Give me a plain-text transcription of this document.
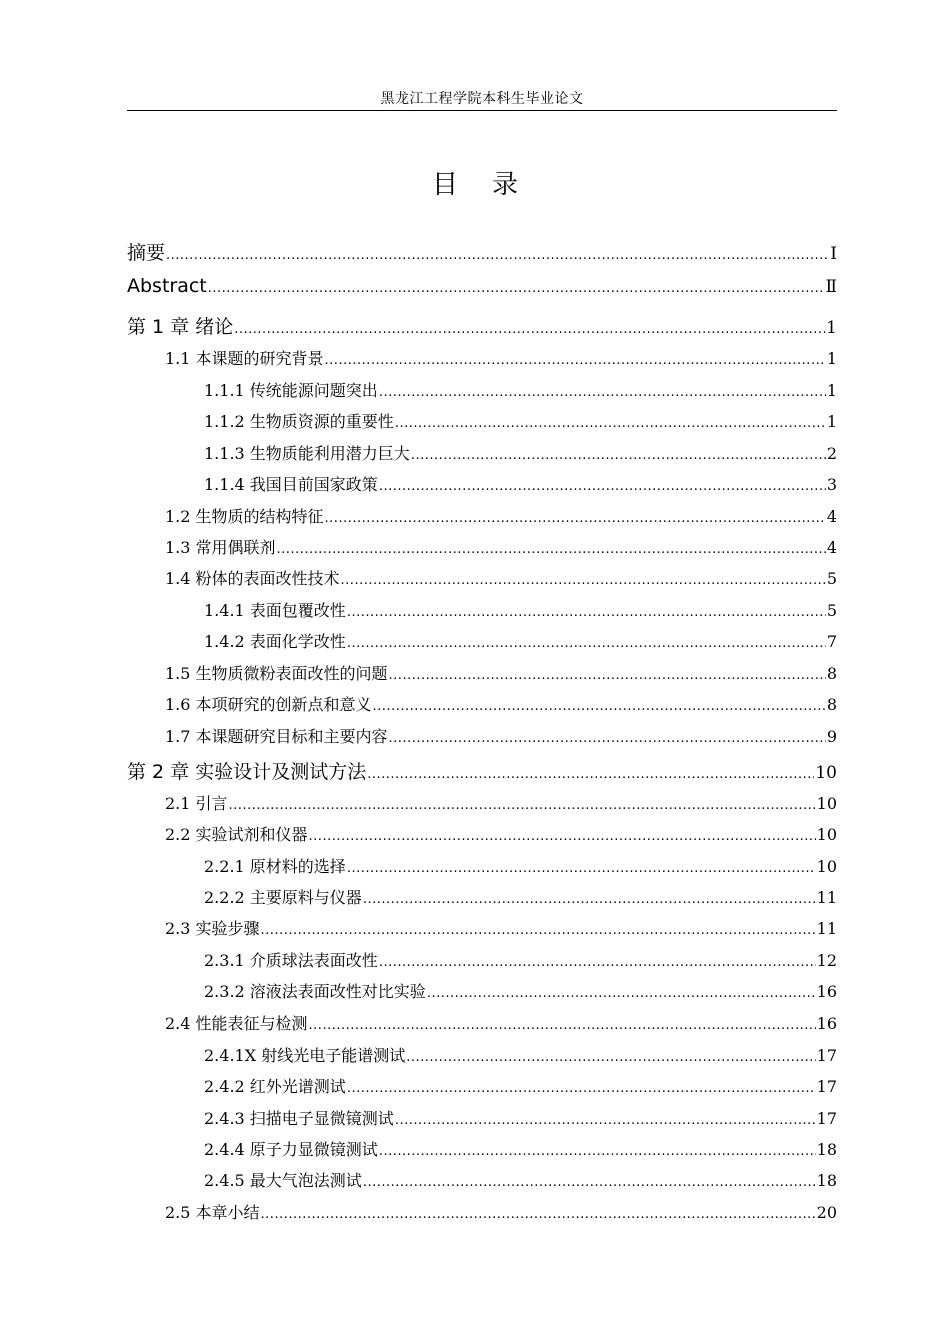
黑龙江工程学院本科生毕业论文
目 录
摘要 .....	Ⅰ
Abstract .....	Ⅱ
第 1 章 绪论 .....	1
1.1 本课题的研究背景 .....	1
1.1.1 传统能源问题突出 .....	1
1.1.2 生物质资源的重要性 .....	1
1.1.3 生物质能利用潜力巨大 .....	2
1.1.4 我国目前国家政策 .....	3
1.2 生物质的结构特征 .....	4
1.3 常用偶联剂 .....	4
1.4 粉体的表面改性技术 .....	5
1.4.1 表面包覆改性 .....	5
1.4.2 表面化学改性 .....	7
1.5 生物质微粉表面改性的问题 .....	8
1.6 本项研究的创新点和意义 .....	8
1.7 本课题研究目标和主要内容 .....	9
第 2 章 实验设计及测试方法 .....	10
2.1 引言 .....	10
2.2 实验试剂和仪器 .....	10
2.2.1 原材料的选择 .....	10
2.2.2 主要原料与仪器 .....	11
2.3 实验步骤 .....	11
2.3.1 介质球法表面改性 .....	12
2.3.2 溶液法表面改性对比实验 .....	16
2.4 性能表征与检测 .....	16
2.4.1X 射线光电子能谱测试 .....	17
2.4.2 红外光谱测试 .....	17
2.4.3 扫描电子显微镜测试 .....	17
2.4.4 原子力显微镜测试 .....	18
2.4.5 最大气泡法测试 .....	18
2.5 本章小结 .....	20
